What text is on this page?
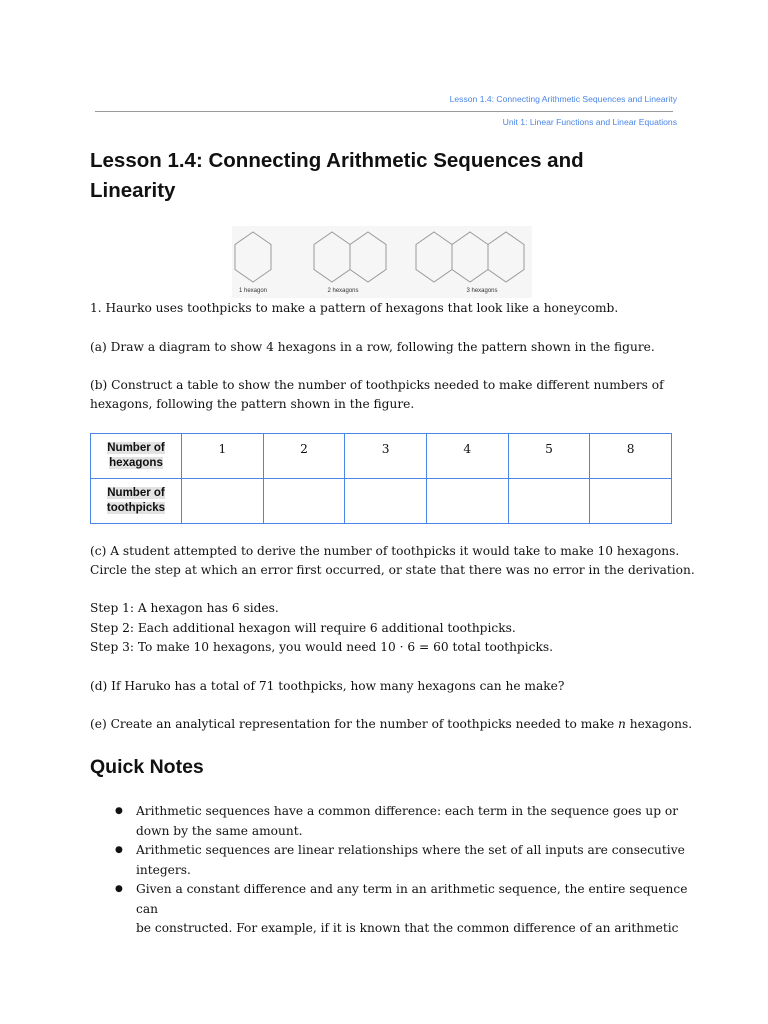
Lesson 1.4: Connecting Arithmetic Sequences and Linearity
Unit 1: Linear Functions and Linear Equations
Lesson 1.4: Connecting Arithmetic Sequences and Linearity
1 hexagon	2 hexagons	3 hexagons

1. Haurko uses toothpicks to make a pattern of hexagons that look like a honeycomb.

(a) Draw a diagram to show 4 hexagons in a row, following the pattern shown in the figure.

(b) Construct a table to show the number of toothpicks needed to make different numbers of

hexagons, following the pattern shown in the figure.

Number of
hexagons	1	2	3	4	5	8
Number of
toothpicks						

(c) A student attempted to derive the number of toothpicks it would take to make 10 hexagons.

Circle the step at which an error first occurred, or state that there was no error in the derivation.

Step 1: A hexagon has 6 sides.

Step 2: Each additional hexagon will require 6 additional toothpicks.

Step 3: To make 10 hexagons, you would need 10 · 6 = 60 total toothpicks.

(d) If Haruko has a total of 71 toothpicks, how many hexagons can he make?

(e) Create an analytical representation for the number of toothpicks needed to make n hexagons.

Quick Notes
● Arithmetic sequences have a common difference: each term in the sequence goes up or
down by the same amount.
● Arithmetic sequences are linear relationships where the set of all inputs are consecutive
integers.
● Given a constant difference and any term in an arithmetic sequence, the entire sequence can
be constructed. For example, if it is known that the common difference of an arithmetic
